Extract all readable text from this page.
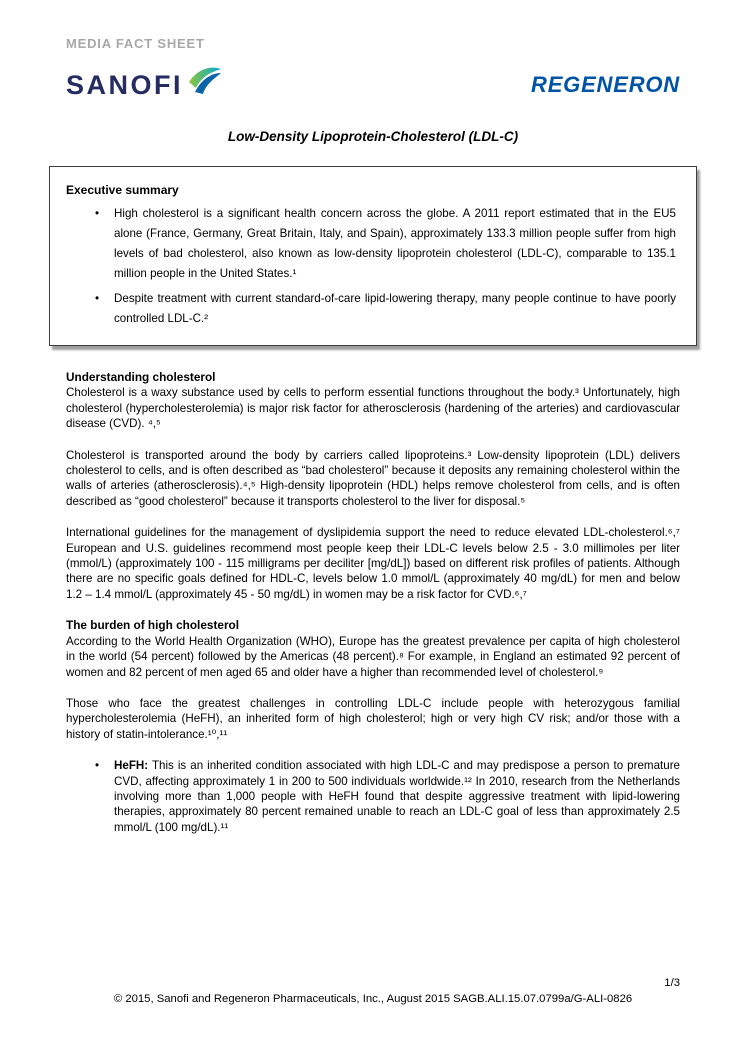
MEDIA FACT SHEET
SANOFI	REGENERON
Low-Density Lipoprotein-Cholesterol (LDL-C)
Executive summary
•	High cholesterol is a significant health concern across the globe. A 2011 report estimated that in the EU5 alone (France, Germany, Great Britain, Italy, and Spain), approximately 133.3 million people suffer from high levels of bad cholesterol, also known as low-density lipoprotein cholesterol (LDL-C), comparable to 135.1 million people in the United States.¹
•	Despite treatment with current standard-of-care lipid-lowering therapy, many people continue to have poorly controlled LDL-C.²
Understanding cholesterol

Cholesterol is a waxy substance used by cells to perform essential functions throughout the body.³ Unfortunately, high cholesterol (hypercholesterolemia) is major risk factor for atherosclerosis (hardening of the arteries) and cardiovascular disease (CVD). ⁴,⁵

Cholesterol is transported around the body by carriers called lipoproteins.³ Low-density lipoprotein (LDL) delivers cholesterol to cells, and is often described as “bad cholesterol” because it deposits any remaining cholesterol within the walls of arteries (atherosclerosis).⁴,⁵ High-density lipoprotein (HDL) helps remove cholesterol from cells, and is often described as “good cholesterol” because it transports cholesterol to the liver for disposal.⁵

International guidelines for the management of dyslipidemia support the need to reduce elevated LDL-cholesterol.⁶,⁷ European and U.S. guidelines recommend most people keep their LDL-C levels below 2.5 - 3.0 millimoles per liter (mmol/L) (approximately 100 - 115 milligrams per deciliter [mg/dL]) based on different risk profiles of patients. Although there are no specific goals defined for HDL-C, levels below 1.0 mmol/L (approximately 40 mg/dL) for men and below 1.2 – 1.4 mmol/L (approximately 45 - 50 mg/dL) in women may be a risk factor for CVD.⁶,⁷

The burden of high cholesterol

According to the World Health Organization (WHO), Europe has the greatest prevalence per capita of high cholesterol in the world (54 percent) followed by the Americas (48 percent).⁸ For example, in England an estimated 92 percent of women and 82 percent of men aged 65 and older have a higher than recommended level of cholesterol.⁹

Those who face the greatest challenges in controlling LDL-C include people with heterozygous familial hypercholesterolemia (HeFH), an inherited form of high cholesterol; high or very high CV risk; and/or those with a history of statin-intolerance.¹⁰,¹¹

•	HeFH: This is an inherited condition associated with high LDL-C and may predispose a person to premature CVD, affecting approximately 1 in 200 to 500 individuals worldwide.¹² In 2010, research from the Netherlands involving more than 1,000 people with HeFH found that despite aggressive treatment with lipid-lowering therapies, approximately 80 percent remained unable to reach an LDL-C goal of less than approximately 2.5 mmol/L (100 mg/dL).¹¹
1/3
© 2015, Sanofi and Regeneron Pharmaceuticals, Inc., August 2015 SAGB.ALI.15.07.0799a/G-ALI-0826
